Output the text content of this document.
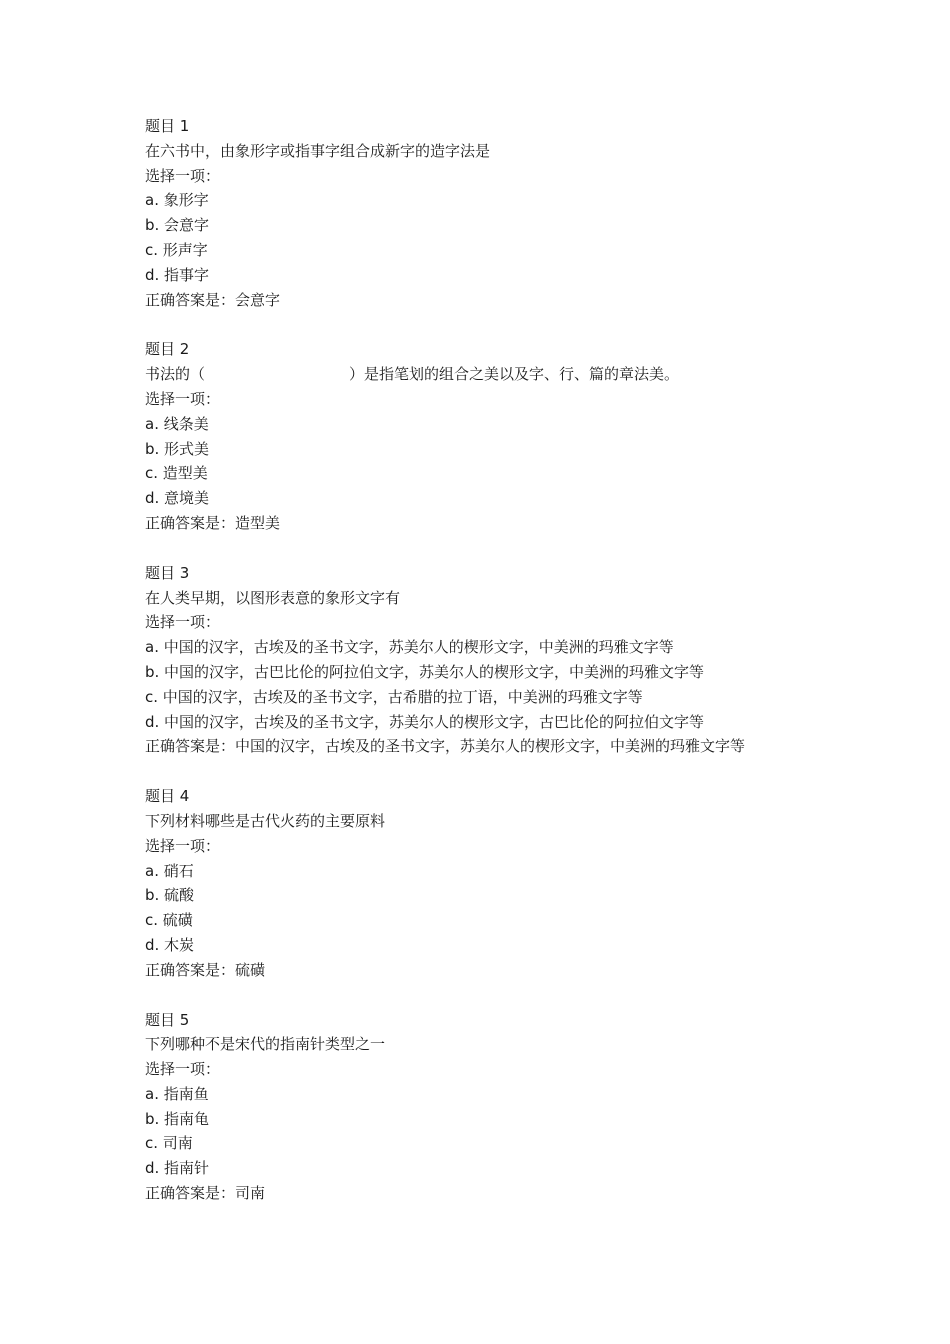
题目 1
在六书中，由象形字或指事字组合成新字的造字法是
选择一项：
a. 象形字
b. 会意字
c. 形声字
d. 指事字
正确答案是：会意字
题目 2
书法的（	）是指笔划的组合之美以及字、行、篇的章法美。
选择一项：
a. 线条美
b. 形式美
c. 造型美
d. 意境美
正确答案是：造型美
题目 3
在人类早期，以图形表意的象形文字有
选择一项：
a. 中国的汉字，古埃及的圣书文字，苏美尔人的楔形文字，中美洲的玛雅文字等
b. 中国的汉字，古巴比伦的阿拉伯文字，苏美尔人的楔形文字，中美洲的玛雅文字等
c. 中国的汉字，古埃及的圣书文字，古希腊的拉丁语，中美洲的玛雅文字等
d. 中国的汉字，古埃及的圣书文字，苏美尔人的楔形文字，古巴比伦的阿拉伯文字等
正确答案是：中国的汉字，古埃及的圣书文字，苏美尔人的楔形文字，中美洲的玛雅文字等
题目 4
下列材料哪些是古代火药的主要原料
选择一项：
a. 硝石
b. 硫酸
c. 硫磺
d. 木炭
正确答案是：硫磺
题目 5
下列哪种不是宋代的指南针类型之一
选择一项：
a. 指南鱼
b. 指南龟
c. 司南
d. 指南针
正确答案是：司南
